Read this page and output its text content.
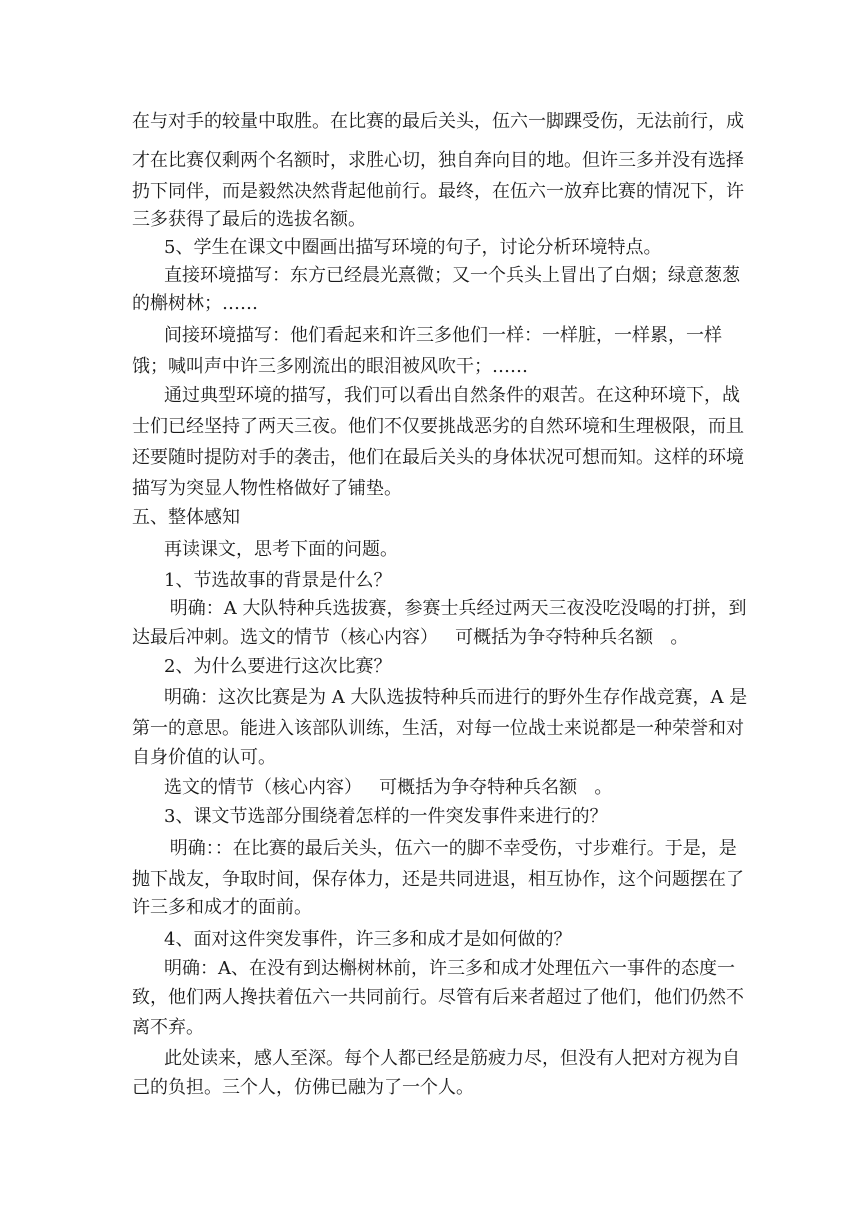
在与对手的较量中取胜。在比赛的最后关头，伍六一脚踝受伤，无法前行，成
才在比赛仅剩两个名额时，求胜心切，独自奔向目的地。但许三多并没有选择
扔下同伴，而是毅然决然背起他前行。最终，在伍六一放弃比赛的情况下，许
三多获得了最后的选拔名额。
5、学生在课文中圈画出描写环境的句子，讨论分析环境特点。
直接环境描写：东方已经晨光熹微；又一个兵头上冒出了白烟；绿意葱葱
的槲树林；……
间接环境描写：他们看起来和许三多他们一样：一样脏，一样累，一样
饿；喊叫声中许三多刚流出的眼泪被风吹干；……
通过典型环境的描写，我们可以看出自然条件的艰苦。在这种环境下，战
士们已经坚持了两天三夜。他们不仅要挑战恶劣的自然环境和生理极限，而且
还要随时提防对手的袭击，他们在最后关头的身体状况可想而知。这样的环境
描写为突显人物性格做好了铺垫。
五、整体感知
再读课文，思考下面的问题。
1、节选故事的背景是什么？
明确：A 大队特种兵选拔赛，参赛士兵经过两天三夜没吃没喝的打拼，到
达最后冲刺。选文的情节（核心内容）   可概括为争夺特种兵名额   。
2、为什么要进行这次比赛？
明确：这次比赛是为 A 大队选拔特种兵而进行的野外生存作战竞赛，A 是
第一的意思。能进入该部队训练，生活，对每一位战士来说都是一种荣誉和对
自身价值的认可。
选文的情节（核心内容）   可概括为争夺特种兵名额   。
3、课文节选部分围绕着怎样的一件突发事件来进行的？
明确：：在比赛的最后关头，伍六一的脚不幸受伤，寸步难行。于是，是
抛下战友，争取时间，保存体力，还是共同进退，相互协作，这个问题摆在了
许三多和成才的面前。
4、面对这件突发事件，许三多和成才是如何做的？
明确：A、在没有到达槲树林前，许三多和成才处理伍六一事件的态度一
致，他们两人搀扶着伍六一共同前行。尽管有后来者超过了他们，他们仍然不
离不弃。
此处读来，感人至深。每个人都已经是筋疲力尽，但没有人把对方视为自
己的负担。三个人，仿佛已融为了一个人。
